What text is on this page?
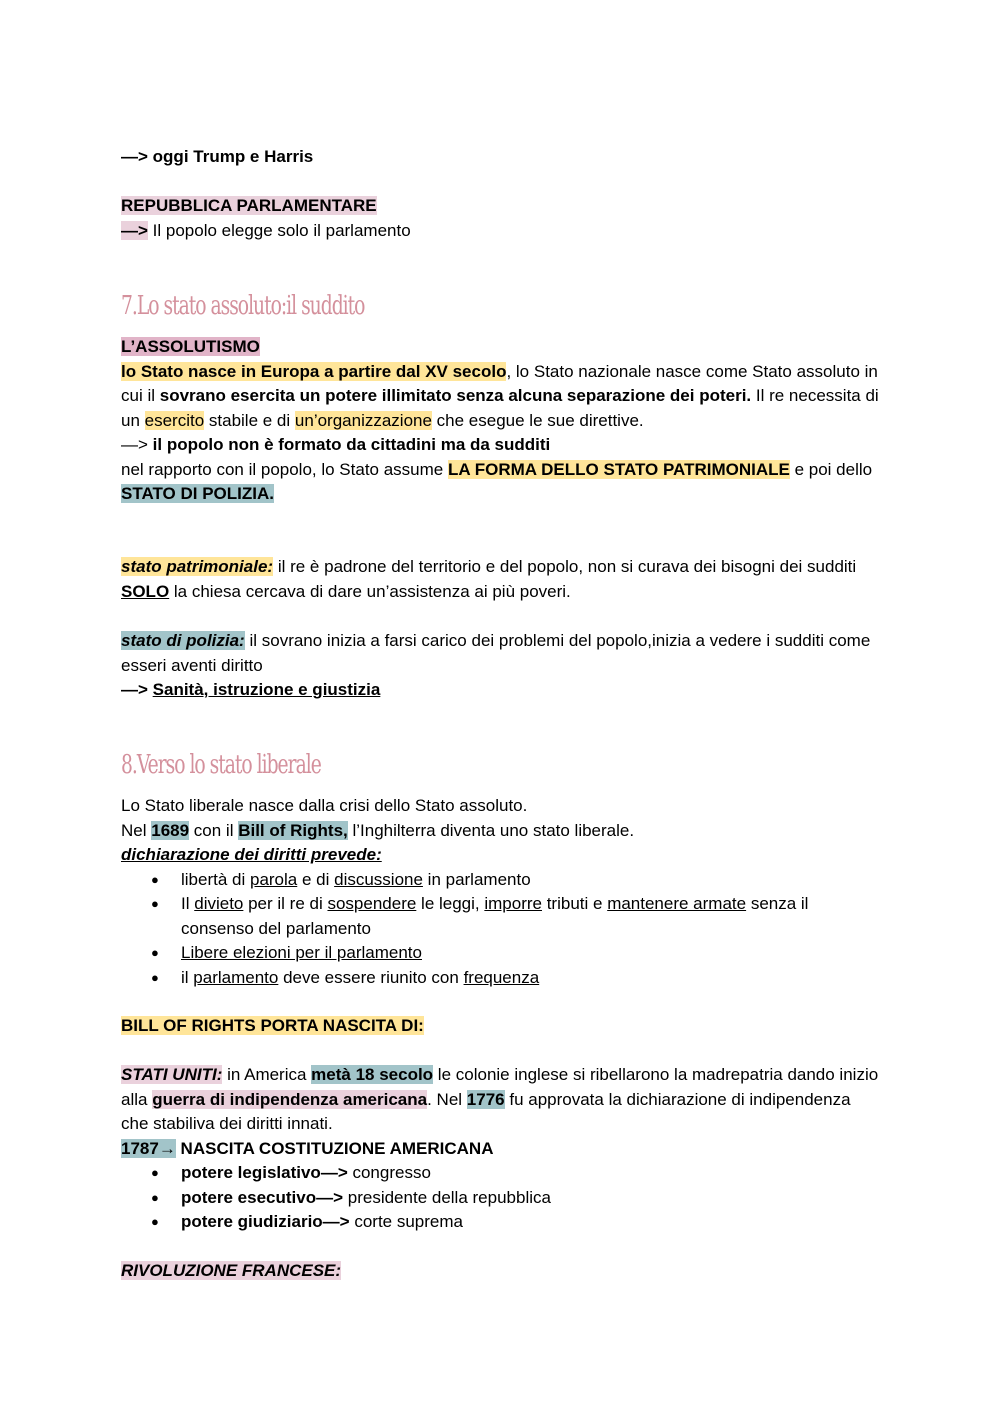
—> oggi Trump e Harris
REPUBBLICA PARLAMENTARE
—> Il popolo elegge solo il parlamento
7.Lo stato assoluto:il suddito
L’ASSOLUTISMO
lo Stato nasce in Europa a partire dal XV secolo, lo Stato nazionale nasce come Stato assoluto in cui il sovrano esercita un potere illimitato senza alcuna separazione dei poteri. Il re necessita di un esercito stabile e di un’organizzazione che esegue le sue direttive.
—> il popolo non è formato da cittadini ma da sudditi
nel rapporto con il popolo, lo Stato assume LA FORMA DELLO STATO PATRIMONIALE e poi dello STATO DI POLIZIA.
stato patrimoniale: il re è padrone del territorio e del popolo, non si curava dei bisogni dei sudditi SOLO la chiesa cercava di dare un’assistenza ai più poveri.
stato di polizia: il sovrano inizia a farsi carico dei problemi del popolo,inizia a vedere i sudditi come esseri aventi diritto
—> Sanità, istruzione e giustizia
8.Verso lo stato liberale
Lo Stato liberale nasce dalla crisi dello Stato assoluto.
Nel 1689 con il Bill of Rights, l’Inghilterra diventa uno stato liberale.
dichiarazione dei diritti prevede:
● libertà di parola e di discussione in parlamento
● Il divieto per il re di sospendere le leggi, imporre tributi e mantenere armate senza il consenso del parlamento
● Libere elezioni per il parlamento
● il parlamento deve essere riunito con frequenza
BILL OF RIGHTS PORTA NASCITA DI:
STATI UNITI: in America metà 18 secolo le colonie inglese si ribellarono la madrepatria dando inizio alla guerra di indipendenza americana. Nel 1776 fu approvata la dichiarazione di indipendenza che stabiliva dei diritti innati.
1787→ NASCITA COSTITUZIONE AMERICANA
● potere legislativo—> congresso
● potere esecutivo—> presidente della repubblica
● potere giudiziario—> corte suprema
RIVOLUZIONE FRANCESE:
